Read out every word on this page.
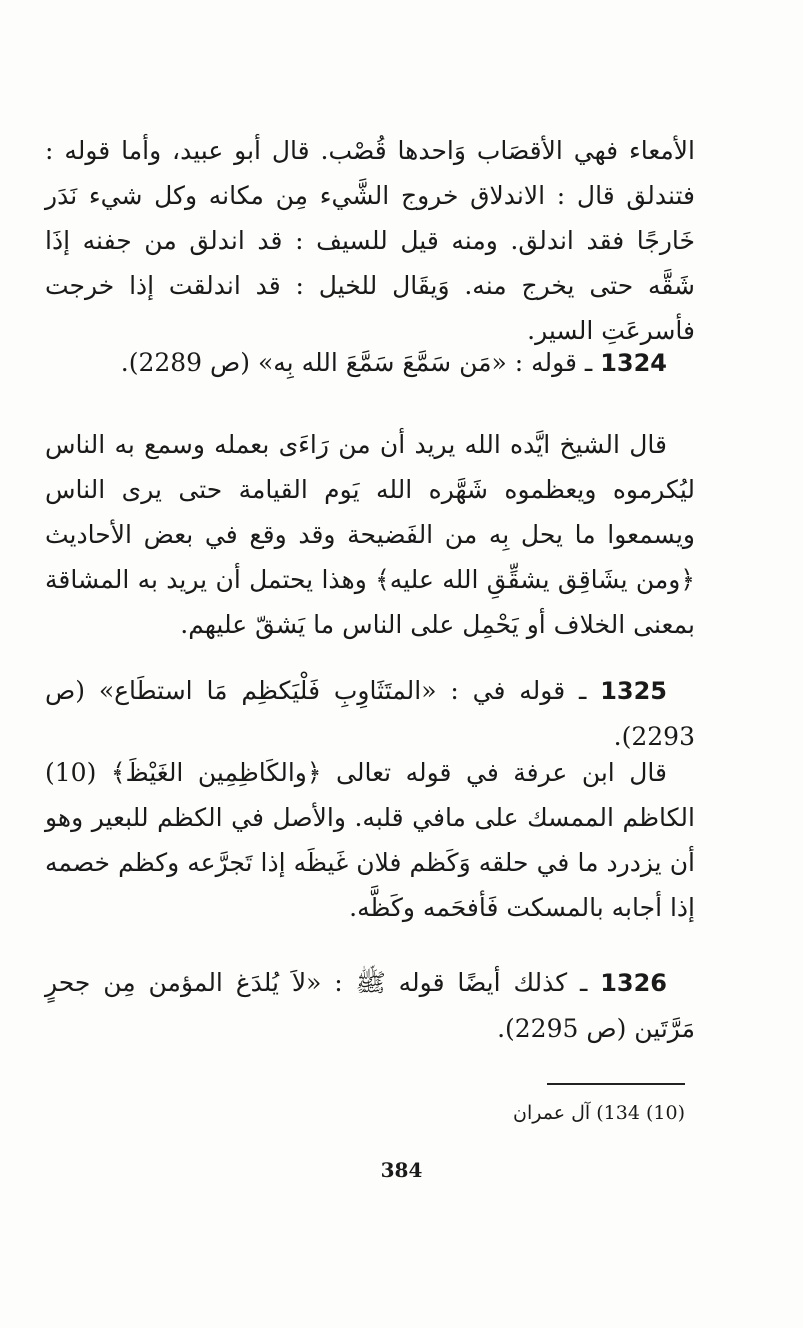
الأمعاء فهي الأقصَاب وَاحدها قُصْب. قال أبو عبيد، وأما قوله : فتندلق قال : الاندلاق خروج الشَّيء مِن مكانه وكل شيء نَدَر خَارجًا فقد اندلق. ومنه قيل للسيف : قد اندلق من جفنه إذَا شَقَّه حتى يخرج منه. وَيقَال للخيل : قد اندلقت إذا خرجت فأسرعَتِ السير.

1324 ـ قوله : «مَن سَمَّعَ سَمَّعَ الله بِه» (ص 2289).

قال الشيخ ايَّده الله يريد أن من رَاءَى بعمله وسمع به الناس ليُكرموه ويعظموه شَهَّره الله يَوم القيامة حتى يرى الناس ويسمعوا ما يحل بِه من الفَضيحة وقد وقع في بعض الأحاديث ﴿ومن يشَاقِق يشقِّقِ الله عليه﴾ وهذا يحتمل أن يريد به المشاقة بمعنى الخلاف أو يَحْمِل على الناس ما يَشقّ عليهم.

1325 ـ قوله في : «المتَثَاوِبِ فَلْيَكظِم مَا استطَاع» (ص 2293).

قال ابن عرفة في قوله تعالى ﴿والكَاظِمِين الغَيْظَ﴾ (10) الكاظم الممسك على مافي قلبه. والأصل في الكظم للبعير وهو أن يزدرد ما في حلقه وَكَظم فلان غَيظَه إذا تَجرَّعه وكظم خصمه إذا أجابه بالمسكت فَأفحَمه وكَظَّه.

1326 ـ كذلك أيضًا قوله ﷺ : «لاَ يُلدَغ المؤمن مِن جحرٍ مَرَّتَين (ص 2295).

(10) 134) آل عمران
384
